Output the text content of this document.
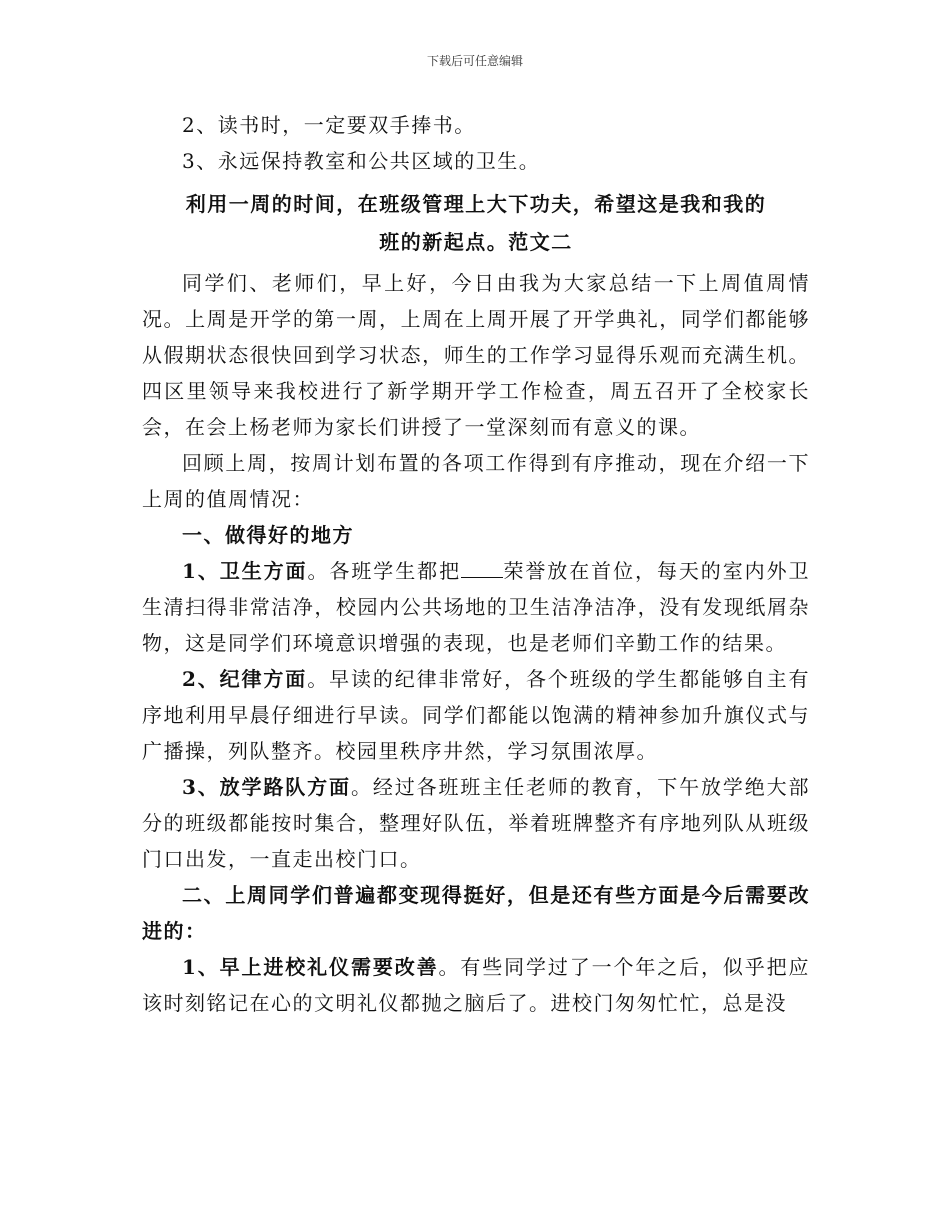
下载后可任意编辑

2、读书时，一定要双手捧书。

3、永远保持教室和公共区域的卫生。

利用一周的时间，在班级管理上大下功夫，希望这是我和我的

班的新起点。范文二

同学们、老师们，早上好，今日由我为大家总结一下上周值周情况。上周是开学的第一周，上周在上周开展了开学典礼，同学们都能够从假期状态很快回到学习状态，师生的工作学习显得乐观而充满生机。四区里领导来我校进行了新学期开学工作检查，周五召开了全校家长会，在会上杨老师为家长们讲授了一堂深刻而有意义的课。

回顾上周，按周计划布置的各项工作得到有序推动，现在介绍一下上周的值周情况：

一、做得好的地方

1、卫生方面。各班学生都把 荣誉放在首位，每天的室内外卫生清扫得非常洁净，校园内公共场地的卫生洁净洁净，没有发现纸屑杂物，这是同学们环境意识增强的表现，也是老师们辛勤工作的结果。

2、纪律方面。早读的纪律非常好，各个班级的学生都能够自主有序地利用早晨仔细进行早读。同学们都能以饱满的精神参加升旗仪式与广播操，列队整齐。校园里秩序井然，学习氛围浓厚。

3、放学路队方面。经过各班班主任老师的教育，下午放学绝大部分的班级都能按时集合，整理好队伍，举着班牌整齐有序地列队从班级门口出发，一直走出校门口。

二、上周同学们普遍都变现得挺好，但是还有些方面是今后需要改进的：

1、早上进校礼仪需要改善。有些同学过了一个年之后，似乎把应该时刻铭记在心的文明礼仪都抛之脑后了。进校门匆匆忙忙，总是没
